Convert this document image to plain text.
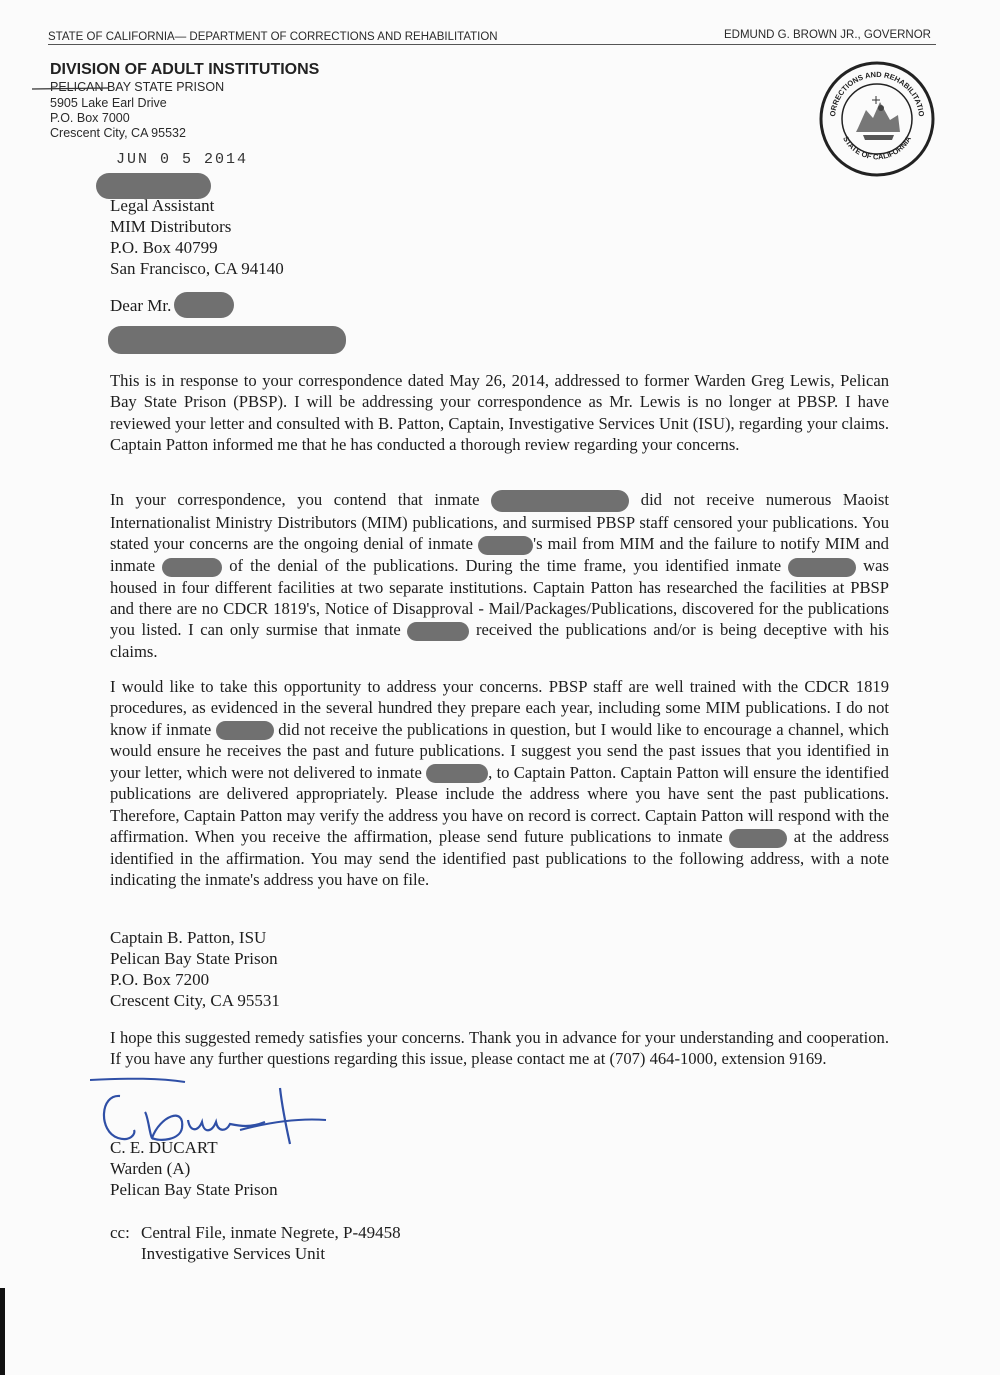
STATE OF CALIFORNIA— DEPARTMENT OF CORRECTIONS AND REHABILITATION	EDMUND G. BROWN JR., GOVERNOR
DIVISION OF ADULT INSTITUTIONS
PELICAN BAY STATE PRISON
5905 Lake Earl Drive
P.O. Box 7000
Crescent City, CA 95532
ORRECTIONS AND REHABILITATIO
STATE OF CALIFORNIA
JUN 0 5 2014
Legal Assistant
MIM Distributors
P.O. Box 40799
San Francisco, CA 94140
Dear Mr.

This is in response to your correspondence dated May 26, 2014, addressed to former Warden Greg Lewis, Pelican Bay State Prison (PBSP). I will be addressing your correspondence as Mr. Lewis is no longer at PBSP. I have reviewed your letter and consulted with B. Patton, Captain, Investigative Services Unit (ISU), regarding your claims. Captain Patton informed me that he has conducted a thorough review regarding your concerns.

In your correspondence, you contend that inmate	did not receive numerous Maoist Internationalist Ministry Distributors (MIM) publications, and surmised PBSP staff censored your publications. You stated your concerns are the ongoing denial of inmate	's mail from MIM and the failure to notify MIM and inmate	of the denial of the publications. During the time frame, you identified inmate	was housed in four different facilities at two separate institutions. Captain Patton has researched the facilities at PBSP and there are no CDCR 1819's, Notice of Disapproval - Mail/Packages/Publications, discovered for the publications you listed. I can only surmise that inmate	received the publications and/or is being deceptive with his claims.

I would like to take this opportunity to address your concerns. PBSP staff are well trained with the CDCR 1819 procedures, as evidenced in the several hundred they prepare each year, including some MIM publications. I do not know if inmate	did not receive the publications in question, but I would like to encourage a channel, which would ensure he receives the past and future publications. I suggest you send the past issues that you identified in your letter, which were not delivered to inmate	, to Captain Patton. Captain Patton will ensure the identified publications are delivered appropriately. Please include the address where you have sent the past publications. Therefore, Captain Patton may verify the address you have on record is correct. Captain Patton will respond with the affirmation. When you receive the affirmation, please send future publications to inmate	at the address identified in the affirmation. You may send the identified past publications to the following address, with a note indicating the inmate's address you have on file.

Captain B. Patton, ISU
Pelican Bay State Prison
P.O. Box 7200
Crescent City, CA 95531

I hope this suggested remedy satisfies your concerns. Thank you in advance for your understanding and cooperation. If you have any further questions regarding this issue, please contact me at (707) 464-1000, extension 9169.

C. E. DUCART
Warden (A)
Pelican Bay State Prison
cc: Central File, inmate Negrete, P-49458
Investigative Services Unit
